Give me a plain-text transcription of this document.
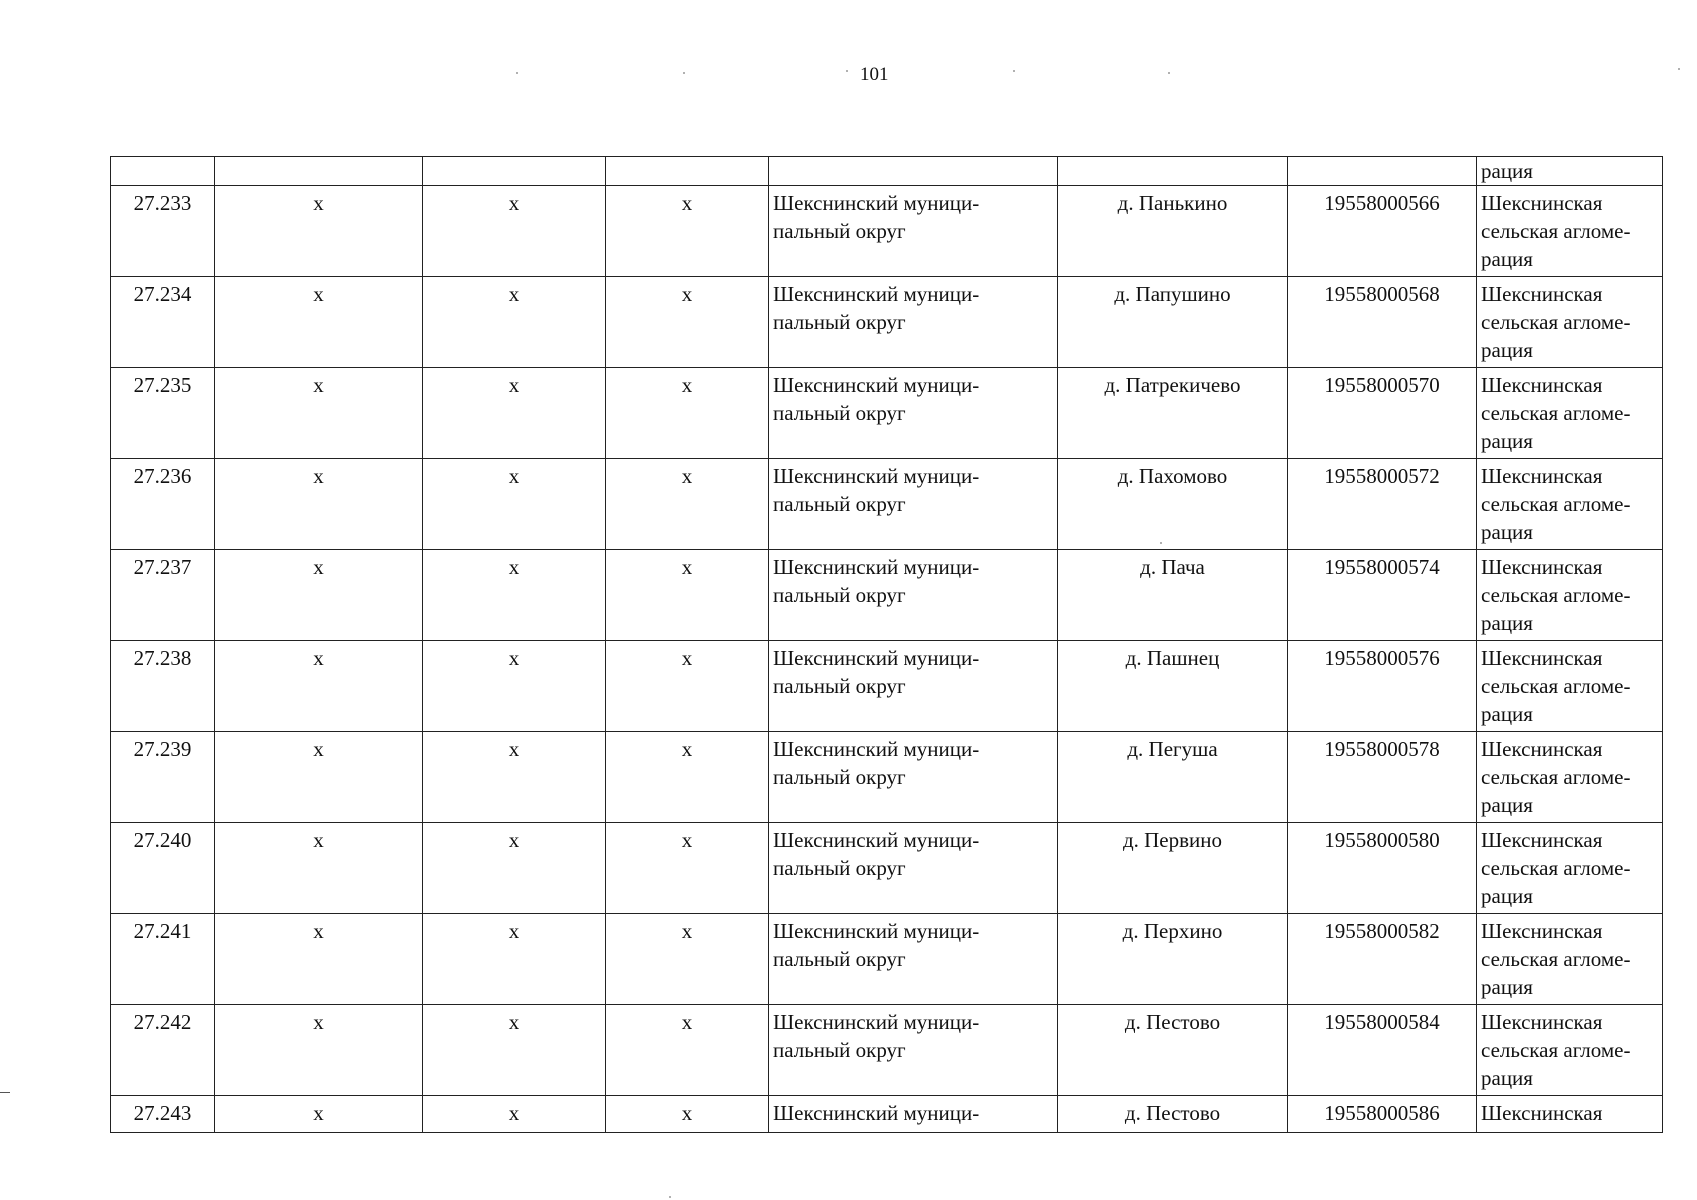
101
							рация
27.233	x	x	x	Шекснинский муници-пальный округ	д. Панькино	19558000566	Шекснинская сельская агломе-рация
27.234	x	x	x	Шекснинский муници-пальный округ	д. Папушино	19558000568	Шекснинская сельская агломе-рация
27.235	x	x	x	Шекснинский муници-пальный округ	д. Патрекичево	19558000570	Шекснинская сельская агломе-рация
27.236	x	x	x	Шекснинский муници-пальный округ	д. Пахомово	19558000572	Шекснинская сельская агломе-рация
27.237	x	x	x	Шекснинский муници-пальный округ	д. Пача	19558000574	Шекснинская сельская агломе-рация
27.238	x	x	x	Шекснинский муници-пальный округ	д. Пашнец	19558000576	Шекснинская сельская агломе-рация
27.239	x	x	x	Шекснинский муници-пальный округ	д. Пегуша	19558000578	Шекснинская сельская агломе-рация
27.240	x	x	x	Шекснинский муници-пальный округ	д. Первино	19558000580	Шекснинская сельская агломе-рация
27.241	x	x	x	Шекснинский муници-пальный округ	д. Перхино	19558000582	Шекснинская сельская агломе-рация
27.242	x	x	x	Шекснинский муници-пальный округ	д. Пестово	19558000584	Шекснинская сельская агломе-рация
27.243	x	x	x	Шекснинский муници-	д. Пестово	19558000586	Шекснинская
